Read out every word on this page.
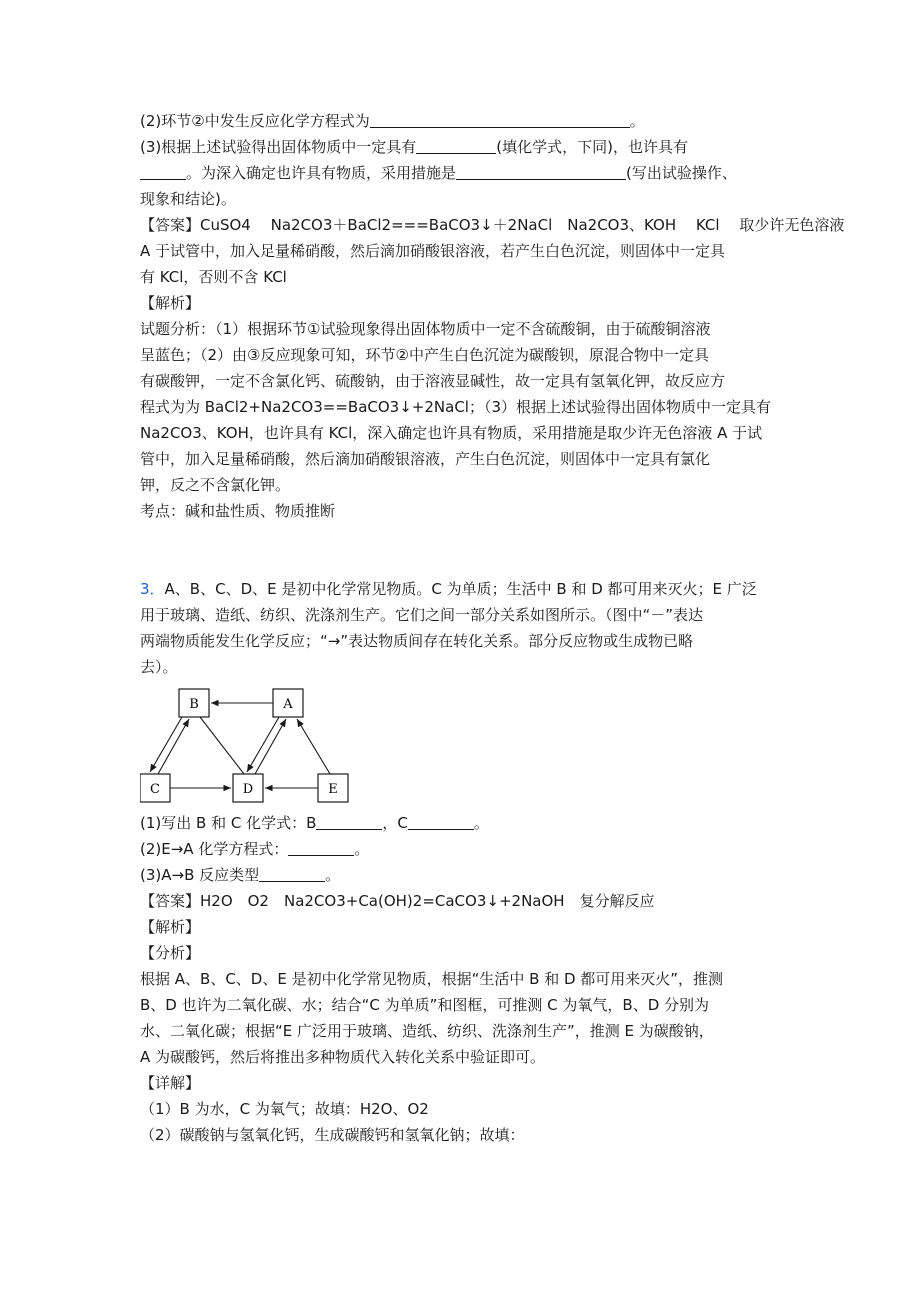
(2)环节②中发生反应化学方程式为	。

(3)根据上述试验得出固体物质中一定具有	(填化学式，下同)，也许具有

。为深入确定也许具有物质，采用措施是	(写出试验操作、

现象和结论)。

【答案】CuSO4　 Na2CO3＋BaCl2===BaCO3↓＋2NaCl　Na2CO3、KOH　 KCl　 取少许无色溶液

A 于试管中，加入足量稀硝酸，然后滴加硝酸银溶液，若产生白色沉淀，则固体中一定具

有 KCl，否则不含 KCl

【解析】

试题分析：（1）根据环节①试验现象得出固体物质中一定不含硫酸铜，由于硫酸铜溶液

呈蓝色；（2）由③反应现象可知，环节②中产生白色沉淀为碳酸钡，原混合物中一定具

有碳酸钾，一定不含氯化钙、硫酸钠，由于溶液显碱性，故一定具有氢氧化钾，故反应方

程式为为 BaCl2+Na2CO3==BaCO3↓+2NaCl；（3）根据上述试验得出固体物质中一定具有

Na2CO3、KOH，也许具有 KCl，深入确定也许具有物质，采用措施是取少许无色溶液 A 于试

管中，加入足量稀硝酸，然后滴加硝酸银溶液，产生白色沉淀，则固体中一定具有氯化

钾，反之不含氯化钾。

考点：碱和盐性质、物质推断

3．A、B、C、D、E 是初中化学常见物质。C 为单质；生活中 B 和 D 都可用来灭火；E 广泛

用于玻璃、造纸、纺织、洗涤剂生产。它们之间一部分关系如图所示。（图中“－”表达

两端物质能发生化学反应；“→”表达物质间存在转化关系。部分反应物或生成物已略

去）。

B	A
C	D	E

(1)写出 B 和 C 化学式：B	，C	。

(2)E→A 化学方程式：	。

(3)A→B 反应类型	。

【答案】H2O　O2　Na2CO3+Ca(OH)2=CaCO3↓+2NaOH　复分解反应

【解析】

【分析】

根据 A、B、C、D、E 是初中化学常见物质，根据“生活中 B 和 D 都可用来灭火”，推测

B、D 也许为二氧化碳、水；结合“C 为单质”和图框，可推测 C 为氧气，B、D 分别为

水、二氧化碳；根据“E 广泛用于玻璃、造纸、纺织、洗涤剂生产”，推测 E 为碳酸钠，

A 为碳酸钙，然后将推出多种物质代入转化关系中验证即可。

【详解】

（1）B 为水，C 为氧气；故填：H2O、O2

（2）碳酸钠与氢氧化钙，生成碳酸钙和氢氧化钠；故填：
